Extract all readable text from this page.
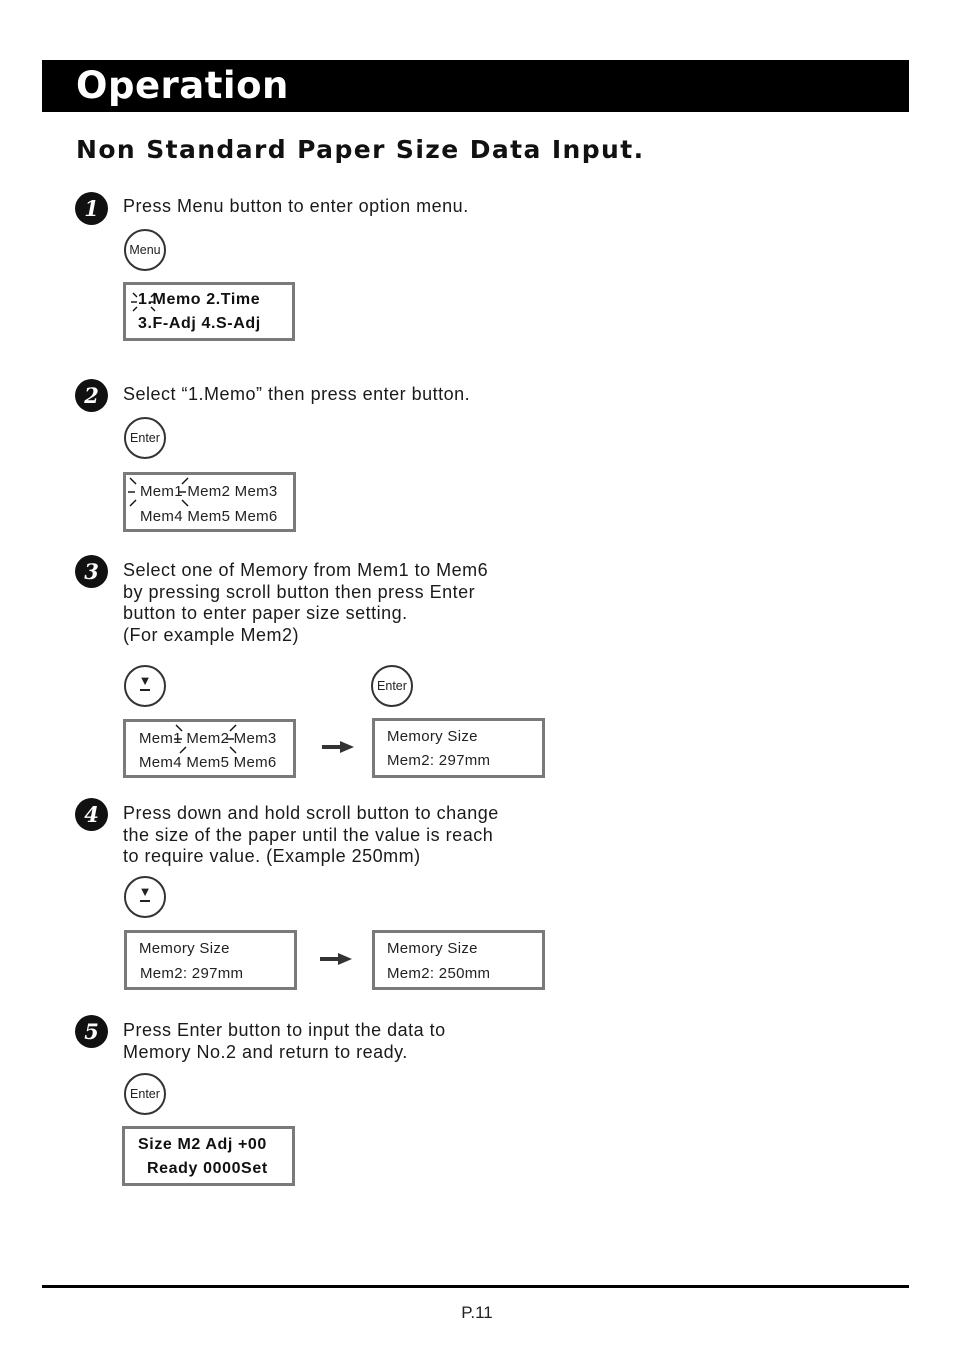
Operation
Non Standard Paper Size Data Input.
1	Press Menu button to enter option menu.
Menu
1.Memo 2.Time
3.F-Adj 4.S-Adj
2	Select “1.Memo” then press enter button.
Enter
Mem1 Mem2 Mem3
Mem4 Mem5 Mem6
3	Select one of Memory from Mem1 to Mem6
by pressing scroll button then press Enter
button to enter paper size setting.
(For example Mem2)
▼	Enter
Mem1 Mem2 Mem3
Mem4 Mem5 Mem6
Memory Size
Mem2: 297mm
4	Press down and hold scroll button to change
the size of the paper until the value is reach
to require value. (Example 250mm)
▼
Memory Size
Mem2: 297mm
Memory Size
Mem2: 250mm
5	Press Enter button to input the data to
Memory No.2 and return to ready.
Enter
Size M2 Adj +00
Ready 0000Set
P.11
